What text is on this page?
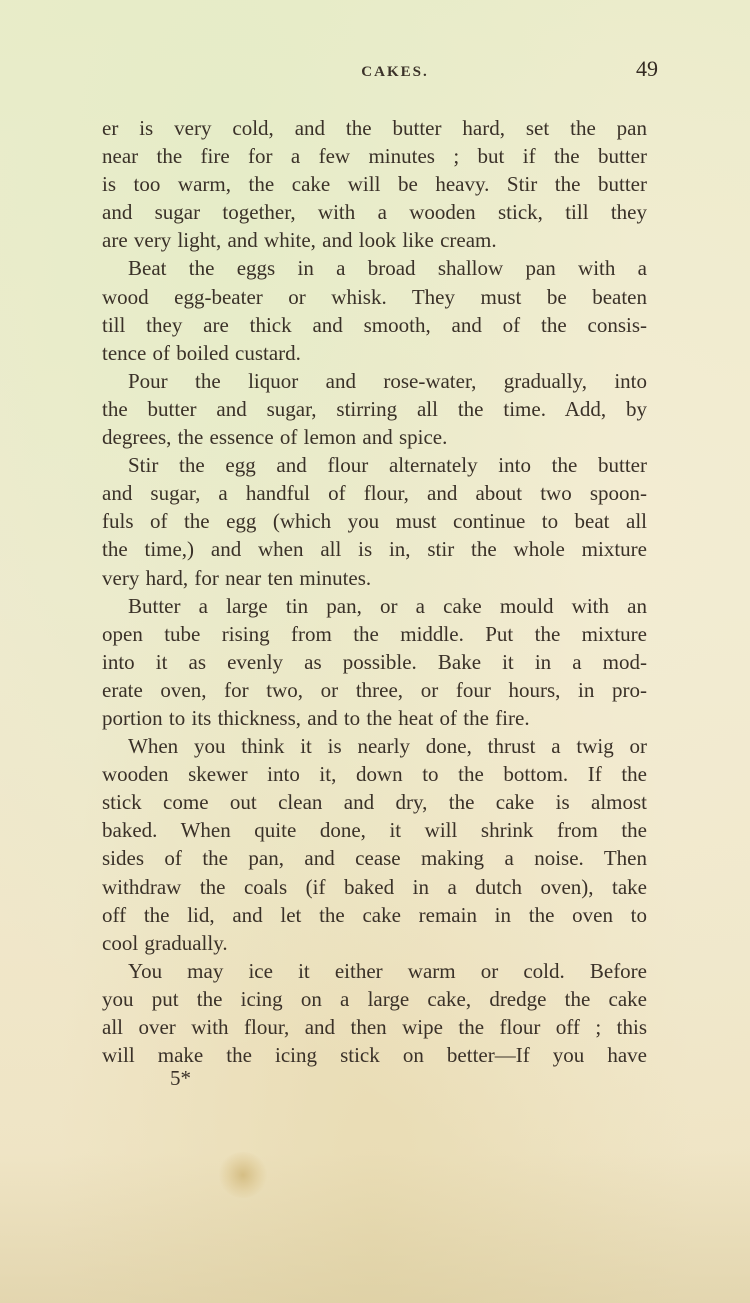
CAKES.	49
er is very cold, and the butter hard, set the pan
near the fire for a few minutes ; but if the butter
is too warm, the cake will be heavy. Stir the butter
and sugar together, with a wooden stick, till they
are very light, and white, and look like cream.
Beat the eggs in a broad shallow pan with a
wood egg-beater or whisk. They must be beaten
till they are thick and smooth, and of the consis-
tence of boiled custard.
Pour the liquor and rose-water, gradually, into
the butter and sugar, stirring all the time. Add, by
degrees, the essence of lemon and spice.
Stir the egg and flour alternately into the butter
and sugar, a handful of flour, and about two spoon-
fuls of the egg (which you must continue to beat all
the time,) and when all is in, stir the whole mixture
very hard, for near ten minutes.
Butter a large tin pan, or a cake mould with an
open tube rising from the middle. Put the mixture
into it as evenly as possible. Bake it in a mod-
erate oven, for two, or three, or four hours, in pro-
portion to its thickness, and to the heat of the fire.
When you think it is nearly done, thrust a twig or
wooden skewer into it, down to the bottom. If the
stick come out clean and dry, the cake is almost
baked. When quite done, it will shrink from the
sides of the pan, and cease making a noise. Then
withdraw the coals (if baked in a dutch oven), take
off the lid, and let the cake remain in the oven to
cool gradually.
You may ice it either warm or cold. Before
you put the icing on a large cake, dredge the cake
all over with flour, and then wipe the flour off ; this
will make the icing stick on better—If you have
5*
